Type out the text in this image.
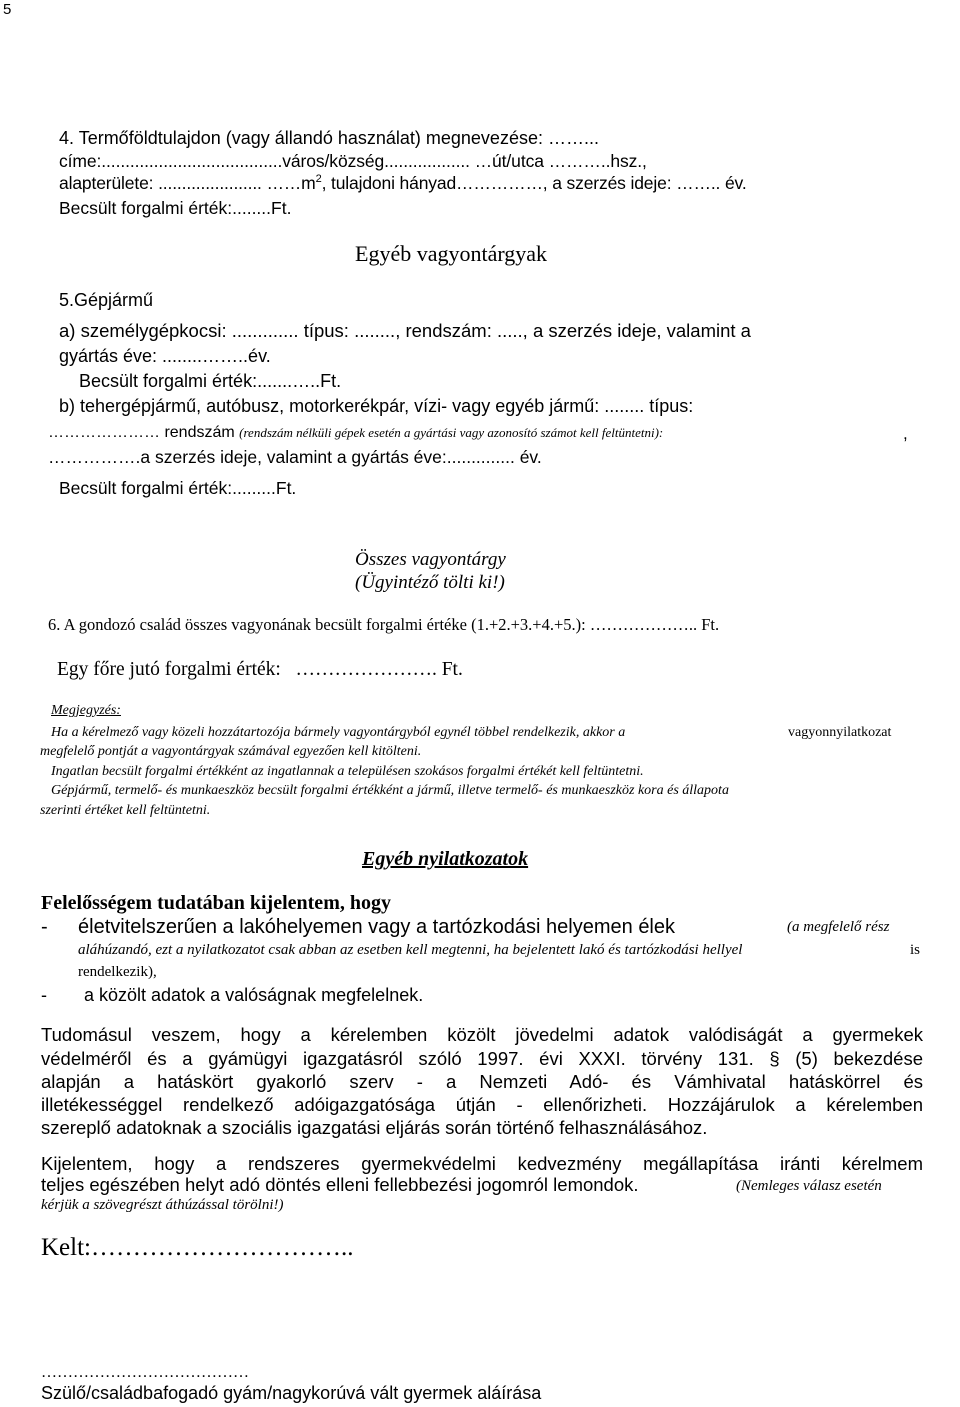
5
4. Termőföldtulajdon (vagy állandó használat) megnevezése: ……...
címe:......................................város/község.................. …út/utca ………..hsz.,
alapterülete: ...................... $\dots\dots m^2$, tulajdoni hányad……………, a szerzés ideje: …….. év.
Becsült forgalmi érték:........Ft.
Egyéb vagyontárgyak
5.Gépjármű
a) személygépkocsi: ............. típus: ........, rendszám: ....., a szerzés ideje, valamint a
gyártás éve: ........……..év.
Becsült forgalmi érték:.......…..Ft.
b) tehergépjármű, autóbusz, motorkerékpár, vízi- vagy egyéb jármű: ........ típus:
………………… rendszám (rendszám nélküli gépek esetén a gyártási vagy azonosító számot kell feltüntetni):	,
…………….a szerzés ideje, valamint a gyártás éve:.............. év.
Becsült forgalmi érték:.........Ft.
Összes vagyontárgy
(Ügyintéző tölti ki!)
6. A gondozó család összes vagyonának becsült forgalmi értéke (1.+2.+3.+4.+5.): ……………….. Ft.
Egy főre jutó forgalmi érték: …………………. Ft.
Megjegyzés:
Ha a kérelmező vagy közeli hozzátartozója bármely vagyontárgyból egynél többel rendelkezik, akkor a	vagyonnyilatkozat
megfelelő pontját a vagyontárgyak számával egyezően kell kitölteni.
Ingatlan becsült forgalmi értékként az ingatlannak a településen szokásos forgalmi értékét kell feltüntetni.
Gépjármű, termelő- és munkaeszköz becsült forgalmi értékként a jármű, illetve termelő- és munkaeszköz kora és állapota
szerinti értéket kell feltüntetni.
Egyéb nyilatkozatok
Felelősségem tudatában kijelentem, hogy
- életvitelszerűen a lakóhelyemen vagy a tartózkodási helyemen élek	(a megfelelő rész
aláhúzandó, ezt a nyilatkozatot csak abban az esetben kell megtenni, ha bejelentett lakó és tartózkodási hellyel	is
rendelkezik),
- a közölt adatok a valóságnak megfelelnek.
Tudomásul veszem, hogy a kérelemben közölt jövedelmi adatok valódiságát a gyermekek
védelméről és a gyámügyi igazgatásról szóló 1997. évi XXXI. törvény 131. § (5) bekezdése
alapján a hatáskört gyakorló szerv - a Nemzeti Adó- és Vámhivatal hatáskörrel és
illetékességgel rendelkező adóigazgatósága útján - ellenőrizheti. Hozzájárulok a kérelemben
szereplő adatoknak a szociális igazgatási eljárás során történő felhasználásához.
Kijelentem, hogy a rendszeres gyermekvédelmi kedvezmény megállapítása iránti kérelmem
teljes egészében helyt adó döntés elleni fellebbezési jogomról lemondok.	(Nemleges válasz esetén
kérjük a szövegrészt áthúzással törölni!)
Kelt:…………………………..
…………………………………
Szülő/családbafogadó gyám/nagykorúvá vált gyermek aláírása
